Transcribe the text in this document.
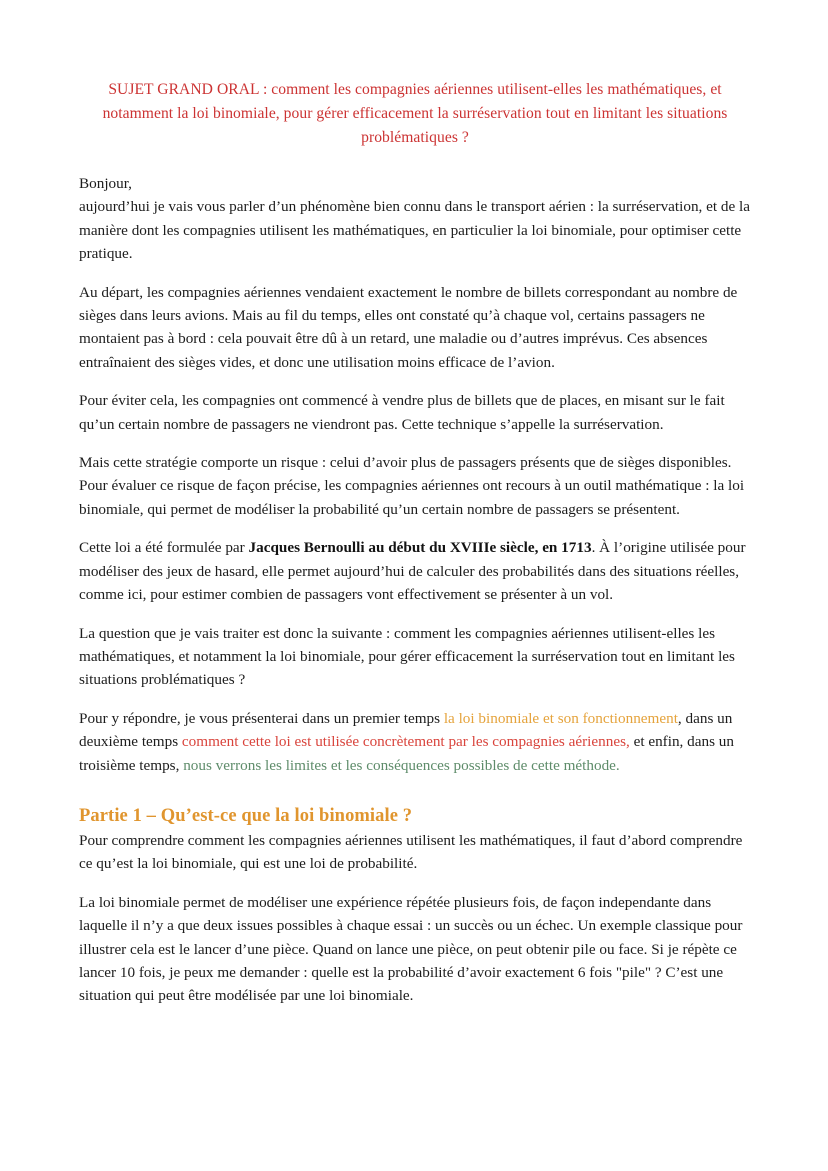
SUJET GRAND ORAL : comment les compagnies aériennes utilisent-elles les mathématiques, et notamment la loi binomiale, pour gérer efficacement la surréservation tout en limitant les situations problématiques ?

Bonjour,
aujourd’hui je vais vous parler d’un phénomène bien connu dans le transport aérien : la surréservation, et de la manière dont les compagnies utilisent les mathématiques, en particulier la loi binomiale, pour optimiser cette pratique.

Au départ, les compagnies aériennes vendaient exactement le nombre de billets correspondant au nombre de sièges dans leurs avions. Mais au fil du temps, elles ont constaté qu’à chaque vol, certains passagers ne montaient pas à bord : cela pouvait être dû à un retard, une maladie ou d’autres imprévus. Ces absences entraînaient des sièges vides, et donc une utilisation moins efficace de l’avion.

Pour éviter cela, les compagnies ont commencé à vendre plus de billets que de places, en misant sur le fait qu’un certain nombre de passagers ne viendront pas. Cette technique s’appelle la surréservation.

Mais cette stratégie comporte un risque : celui d’avoir plus de passagers présents que de sièges disponibles. Pour évaluer ce risque de façon précise, les compagnies aériennes ont recours à un outil mathématique : la loi binomiale, qui permet de modéliser la probabilité qu’un certain nombre de passagers se présentent.

Cette loi a été formulée par Jacques Bernoulli au début du XVIIIe siècle, en 1713. À l’origine utilisée pour modéliser des jeux de hasard, elle permet aujourd’hui de calculer des probabilités dans des situations réelles, comme ici, pour estimer combien de passagers vont effectivement se présenter à un vol.

La question que je vais traiter est donc la suivante : comment les compagnies aériennes utilisent-elles les mathématiques, et notamment la loi binomiale, pour gérer efficacement la surréservation tout en limitant les situations problématiques ?

Pour y répondre, je vous présenterai dans un premier temps la loi binomiale et son fonctionnement, dans un deuxième temps comment cette loi est utilisée concrètement par les compagnies aériennes, et enfin, dans un troisième temps, nous verrons les limites et les conséquences possibles de cette méthode.

Partie 1 – Qu’est-ce que la loi binomiale ?

Pour comprendre comment les compagnies aériennes utilisent les mathématiques, il faut d’abord comprendre ce qu’est la loi binomiale, qui est une loi de probabilité.

La loi binomiale permet de modéliser une expérience répétée plusieurs fois, de façon independante dans laquelle il n’y a que deux issues possibles à chaque essai : un succès ou un échec. Un exemple classique pour illustrer cela est le lancer d’une pièce. Quand on lance une pièce, on peut obtenir pile ou face. Si je répète ce lancer 10 fois, je peux me demander : quelle est la probabilité d’avoir exactement 6 fois "pile" ? C’est une situation qui peut être modélisée par une loi binomiale.
